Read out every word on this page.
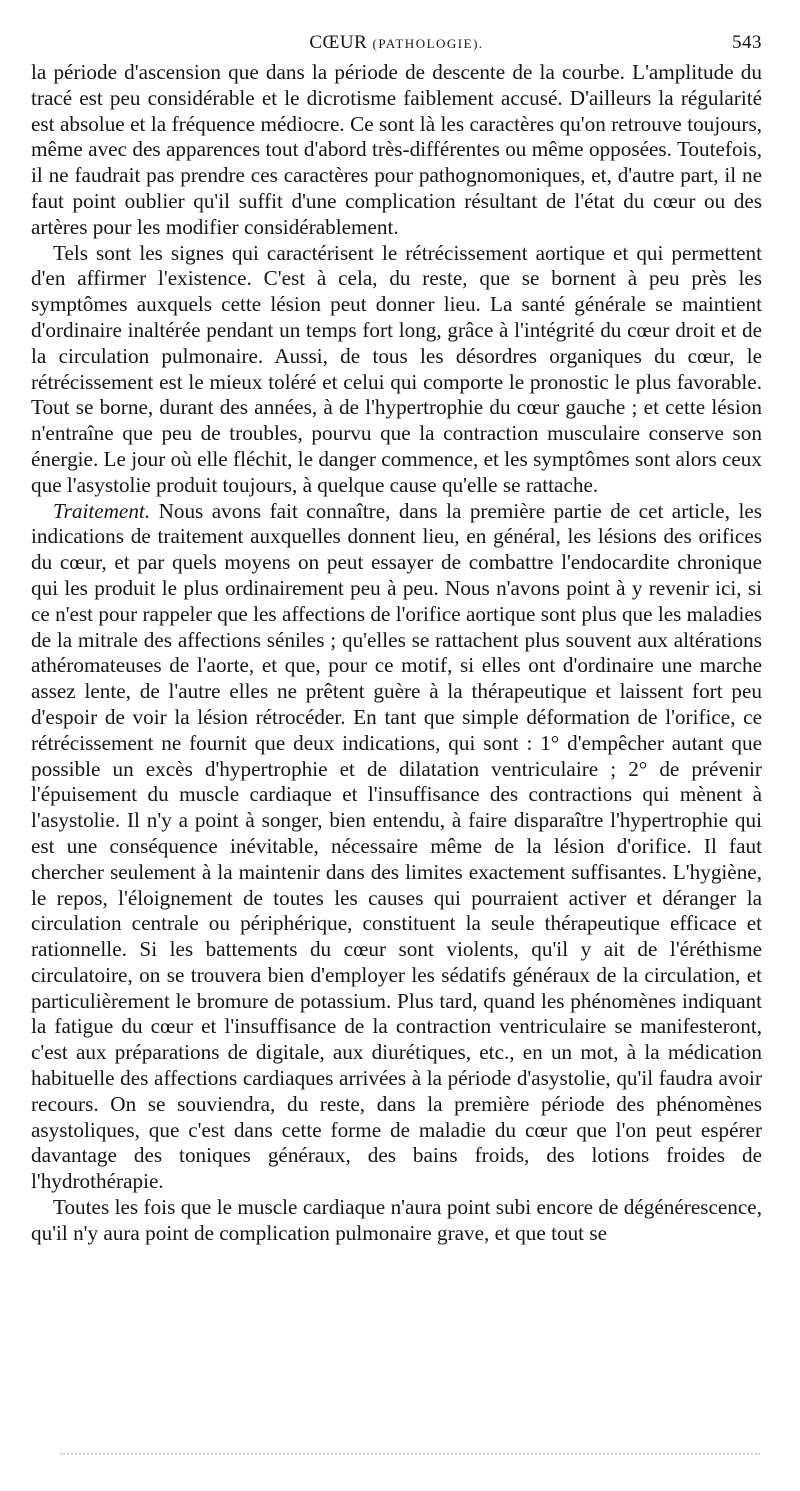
CŒUR (PATHOLOGIE).	543

la période d'ascension que dans la période de descente de la courbe. L'amplitude du tracé est peu considérable et le dicrotisme faiblement accusé. D'ailleurs la régularité est absolue et la fréquence médiocre. Ce sont là les caractères qu'on retrouve toujours, même avec des apparences tout d'abord très-différentes ou même opposées. Toutefois, il ne faudrait pas prendre ces caractères pour pathognomoniques, et, d'autre part, il ne faut point oublier qu'il suffit d'une complication résultant de l'état du cœur ou des artères pour les modifier considérablement.

Tels sont les signes qui caractérisent le rétrécissement aortique et qui permettent d'en affirmer l'existence. C'est à cela, du reste, que se bornent à peu près les symptômes auxquels cette lésion peut donner lieu. La santé générale se maintient d'ordinaire inaltérée pendant un temps fort long, grâce à l'intégrité du cœur droit et de la circulation pulmonaire. Aussi, de tous les désordres organiques du cœur, le rétrécissement est le mieux toléré et celui qui comporte le pronostic le plus favorable. Tout se borne, durant des années, à de l'hypertrophie du cœur gauche ; et cette lésion n'entraîne que peu de troubles, pourvu que la contraction musculaire conserve son énergie. Le jour où elle fléchit, le danger commence, et les symptômes sont alors ceux que l'asystolie produit toujours, à quelque cause qu'elle se rattache.

Traitement. Nous avons fait connaître, dans la première partie de cet article, les indications de traitement auxquelles donnent lieu, en général, les lésions des orifices du cœur, et par quels moyens on peut essayer de combattre l'endocardite chronique qui les produit le plus ordinairement peu à peu. Nous n'avons point à y revenir ici, si ce n'est pour rappeler que les affections de l'orifice aortique sont plus que les maladies de la mitrale des affections séniles ; qu'elles se rattachent plus souvent aux altérations athéromateuses de l'aorte, et que, pour ce motif, si elles ont d'ordinaire une marche assez lente, de l'autre elles ne prêtent guère à la thérapeutique et laissent fort peu d'espoir de voir la lésion rétrocéder. En tant que simple déformation de l'orifice, ce rétrécissement ne fournit que deux indications, qui sont : 1° d'empêcher autant que possible un excès d'hypertrophie et de dilatation ventriculaire ; 2° de prévenir l'épuisement du muscle cardiaque et l'insuffisance des contractions qui mènent à l'asystolie. Il n'y a point à songer, bien entendu, à faire disparaître l'hypertrophie qui est une conséquence inévitable, nécessaire même de la lésion d'orifice. Il faut chercher seulement à la maintenir dans des limites exactement suffisantes. L'hygiène, le repos, l'éloignement de toutes les causes qui pourraient activer et déranger la circulation centrale ou périphérique, constituent la seule thérapeutique efficace et rationnelle. Si les battements du cœur sont violents, qu'il y ait de l'éréthisme circulatoire, on se trouvera bien d'employer les sédatifs généraux de la circulation, et particulièrement le bromure de potassium. Plus tard, quand les phénomènes indiquant la fatigue du cœur et l'insuffisance de la contraction ventriculaire se manifesteront, c'est aux préparations de digitale, aux diurétiques, etc., en un mot, à la médication habituelle des affections cardiaques arrivées à la période d'asystolie, qu'il faudra avoir recours. On se souviendra, du reste, dans la première période des phénomènes asystoliques, que c'est dans cette forme de maladie du cœur que l'on peut espérer davantage des toniques généraux, des bains froids, des lotions froides de l'hydrothérapie.

Toutes les fois que le muscle cardiaque n'aura point subi encore de dégénérescence, qu'il n'y aura point de complication pulmonaire grave, et que tout se
